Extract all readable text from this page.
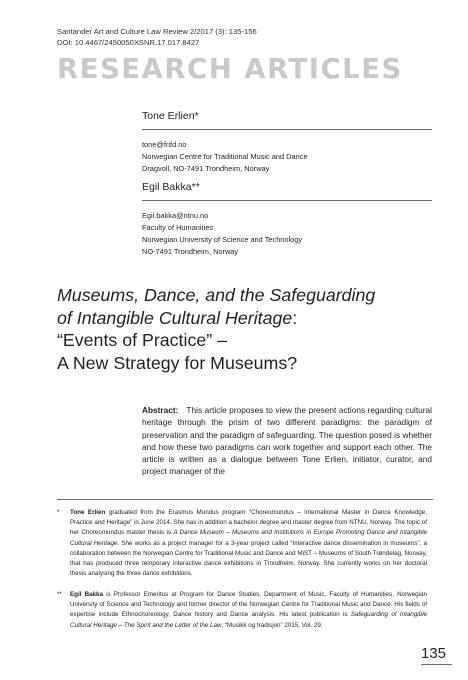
Santander Art and Culture Law Review 2/2017 (3): 135-156
DOI: 10.4467/2450050XSNR.17.017.8427
RESEARCH ARTICLES
Tone Erlien*
tone@frifd.no
Norwegian Centre for Traditional Music and Dance
Dragvoll, NO-7491 Trondheim, Norway
Egil Bakka**
Egil.bakka@ntnu.no
Faculty of Humanities
Norwegian University of Science and Technology
NO-7491 Trondheim, Norway
Museums, Dance, and the Safeguarding
of Intangible Cultural Heritage:
“Events of Practice” –
A New Strategy for Museums?
Abstract: This article proposes to view the present actions regarding cultural heritage through the prism of two different paradigms: the paradigm of preservation and the paradigm of safeguarding. The question posed is whether and how these two paradigms can work together and support each other. The article is written as a dialogue between Tone Erlien, initiator, curator, and project manager of the
* Tone Erlien graduated from the Erasmus Mundus program “Choreomundus – International Master in Dance Knowledge, Practice and Heritage” in June 2014. She has in addition a bachelor degree and master degree from NTNU, Norway. The topic of her Choreomundus master thesis is A Dance Museum – Museums and Institutions in Europe Promoting Dance and Intangible Cultural Heritage. She works as a project manager for a 3-year project called “Interactive dance dissemination in museums”, a collaboration between the Norwegian Centre for Traditional Music and Dance and MiST – Museums of South Trøndelag, Norway, that has produced three temporary interactive dance exhibitions in Trondheim, Norway. She currently works on her doctoral thesis analysing the three dance exhibitions.
** Egil Bakka is Professor Emeritus at Program for Dance Studies, Department of Music, Faculty of Humanities, Norwegian University of Science and Technology and former director of the Norwegian Centre for Traditional Music and Dance. His fields of expertise include Ethnochoreology, Dance history and Dance analysis. His latest publication is Safeguarding of Intangible Cultural Heritage – The Spirit and the Letter of the Law, “Musikk og tradisjon” 2015, Vol. 29.
135
